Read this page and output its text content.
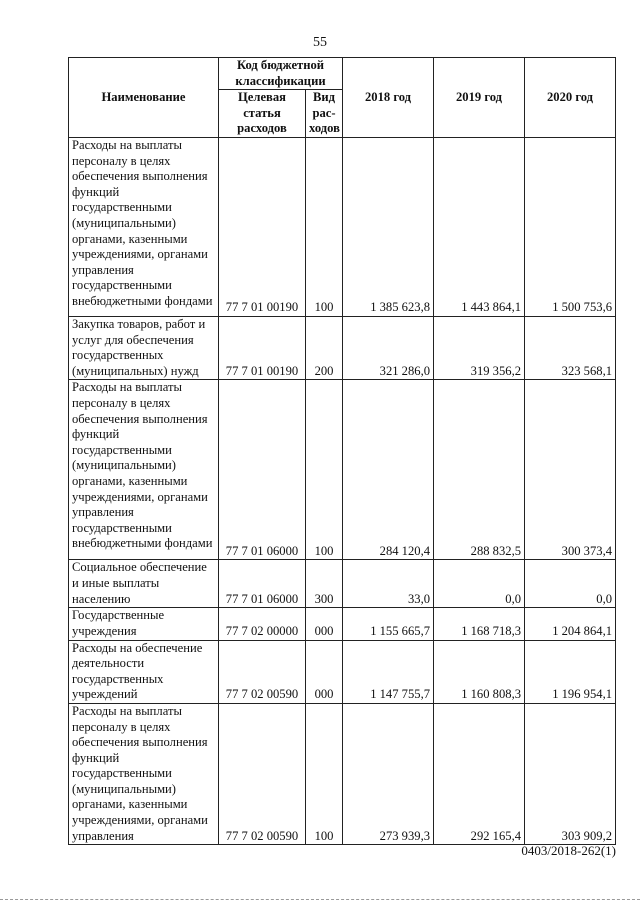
55
Наименование	Код бюджетной классификации		2018 год	2019 год	2020 год
	Целевая статья расходов	Вид рас- ходов			
Расходы на выплаты персоналу в целях обеспечения выполнения функций государственными (муниципальными) органами, казенными учреждениями, органами управления государственными внебюджетными фондами	77 7 01 00190	100	1 385 623,8	1 443 864,1	1 500 753,6
Закупка товаров, работ и услуг для обеспечения государственных (муниципальных) нужд	77 7 01 00190	200	321 286,0	319 356,2	323 568,1
Расходы на выплаты персоналу в целях обеспечения выполнения функций государственными (муниципальными) органами, казенными учреждениями, органами управления государственными внебюджетными фондами	77 7 01 06000	100	284 120,4	288 832,5	300 373,4
Социальное обеспечение и иные выплаты населению	77 7 01 06000	300	33,0	0,0	0,0
Государственные учреждения	77 7 02 00000	000	1 155 665,7	1 168 718,3	1 204 864,1
Расходы на обеспечение деятельности государственных учреждений	77 7 02 00590	000	1 147 755,7	1 160 808,3	1 196 954,1
Расходы на выплаты персоналу в целях обеспечения выполнения функций государственными (муниципальными) органами, казенными учреждениями, органами управления	77 7 02 00590	100	273 939,3	292 165,4	303 909,2
0403/2018-262(1)
